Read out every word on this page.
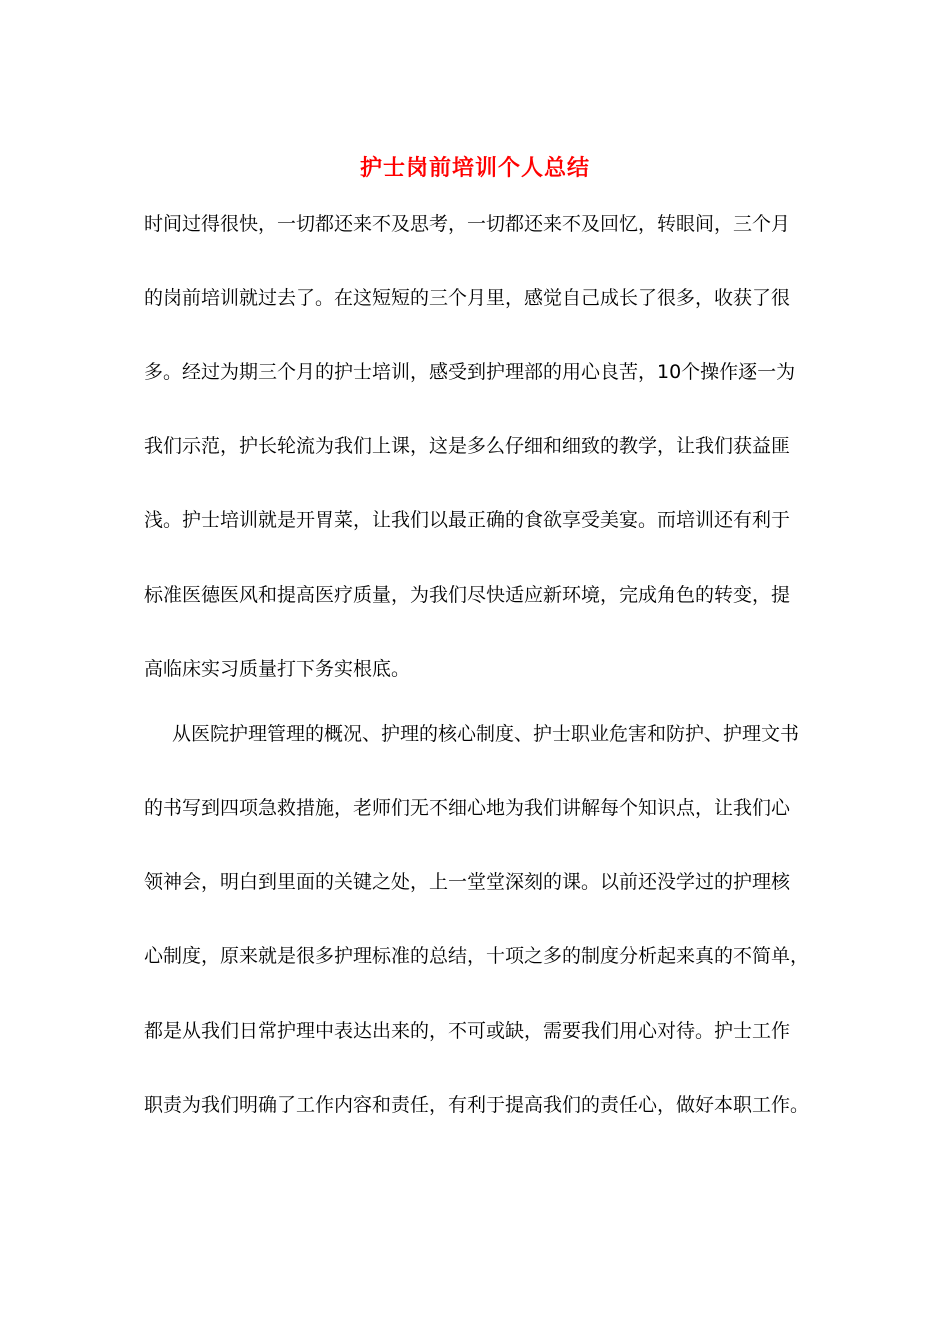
护士岗前培训个人总结
时间过得很快，一切都还来不及思考，一切都还来不及回忆，转眼间，三个月
的岗前培训就过去了。在这短短的三个月里，感觉自己成长了很多，收获了很
多。经过为期三个月的护士培训，感受到护理部的用心良苦，10个操作逐一为
我们示范，护长轮流为我们上课，这是多么仔细和细致的教学，让我们获益匪
浅。护士培训就是开胃菜，让我们以最正确的食欲享受美宴。而培训还有利于
标准医德医风和提高医疗质量，为我们尽快适应新环境，完成角色的转变，提
高临床实习质量打下务实根底。
从医院护理管理的概况、护理的核心制度、护士职业危害和防护、护理文书
的书写到四项急救措施，老师们无不细心地为我们讲解每个知识点，让我们心
领神会，明白到里面的关键之处，上一堂堂深刻的课。以前还没学过的护理核
心制度，原来就是很多护理标准的总结，十项之多的制度分析起来真的不简单，
都是从我们日常护理中表达出来的，不可或缺，需要我们用心对待。护士工作
职责为我们明确了工作内容和责任，有利于提高我们的责任心，做好本职工作。
